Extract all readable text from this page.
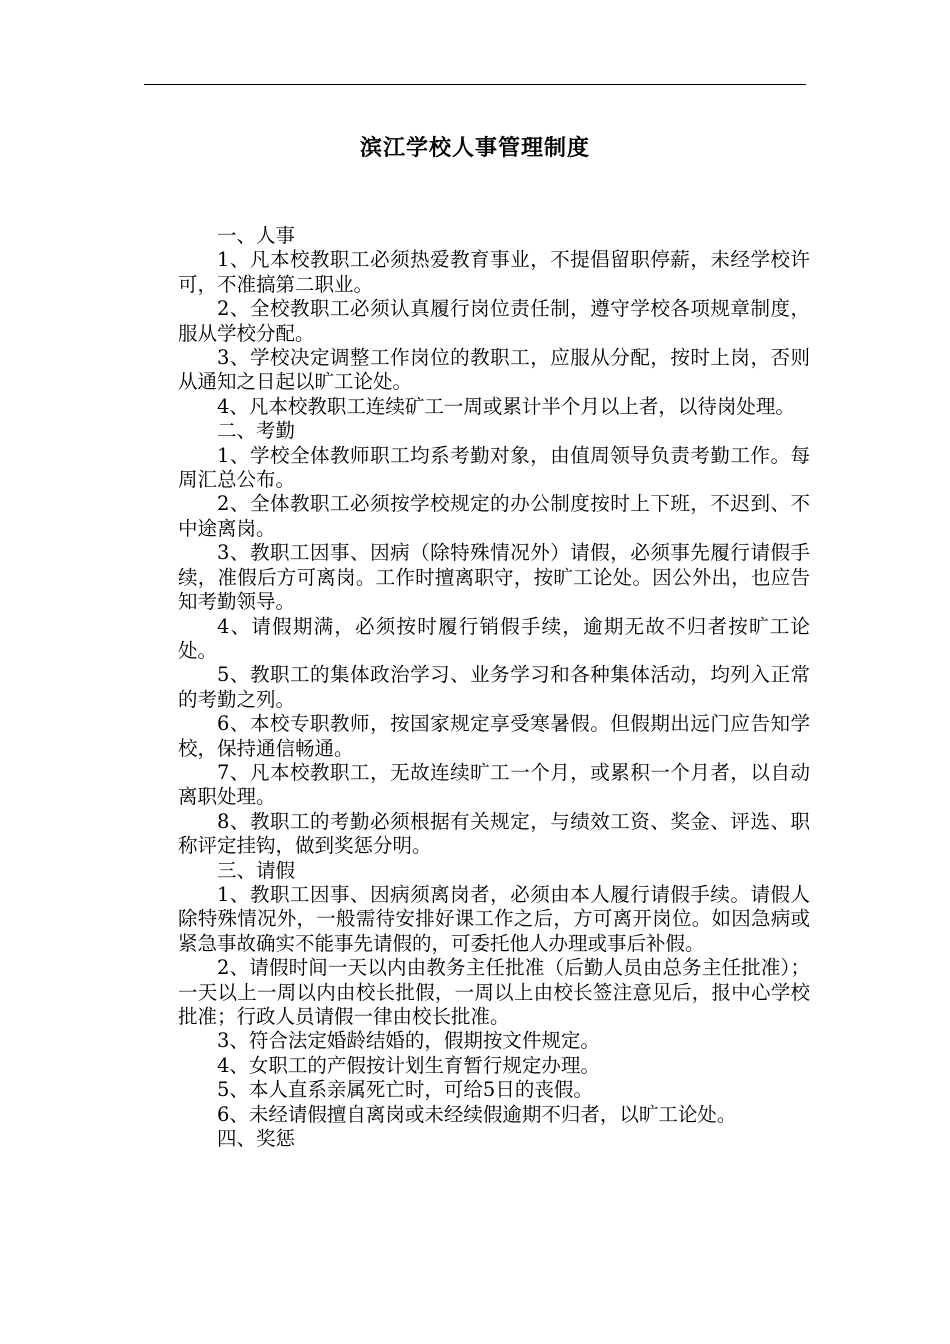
滨江学校人事管理制度

一、人事

1、凡本校教职工必须热爱教育事业，不提倡留职停薪，未经学校许可，不准搞第二职业。

2、全校教职工必须认真履行岗位责任制，遵守学校各项规章制度，服从学校分配。

3、学校决定调整工作岗位的教职工，应服从分配，按时上岗，否则从通知之日起以旷工论处。

4、凡本校教职工连续矿工一周或累计半个月以上者，以待岗处理。

二、考勤

1、学校全体教师职工均系考勤对象，由值周领导负责考勤工作。每周汇总公布。

2、全体教职工必须按学校规定的办公制度按时上下班，不迟到、不中途离岗。

3、教职工因事、因病（除特殊情况外）请假，必须事先履行请假手续，准假后方可离岗。工作时擅离职守，按旷工论处。因公外出，也应告知考勤领导。

4、请假期满，必须按时履行销假手续，逾期无故不归者按旷工论处。

5、教职工的集体政治学习、业务学习和各种集体活动，均列入正常的考勤之列。

6、本校专职教师，按国家规定享受寒暑假。但假期出远门应告知学校，保持通信畅通。

7、凡本校教职工，无故连续旷工一个月，或累积一个月者，以自动离职处理。

8、教职工的考勤必须根据有关规定，与绩效工资、奖金、评选、职称评定挂钩，做到奖惩分明。

三、请假

1、教职工因事、因病须离岗者，必须由本人履行请假手续。请假人除特殊情况外，一般需待安排好课工作之后，方可离开岗位。如因急病或紧急事故确实不能事先请假的，可委托他人办理或事后补假。

2、请假时间一天以内由教务主任批准（后勤人员由总务主任批准）；一天以上一周以内由校长批假，一周以上由校长签注意见后，报中心学校批准；行政人员请假一律由校长批准。

3、符合法定婚龄结婚的，假期按文件规定。

4、女职工的产假按计划生育暂行规定办理。

5、本人直系亲属死亡时，可给5日的丧假。

6、未经请假擅自离岗或未经续假逾期不归者，以旷工论处。

四、奖惩
